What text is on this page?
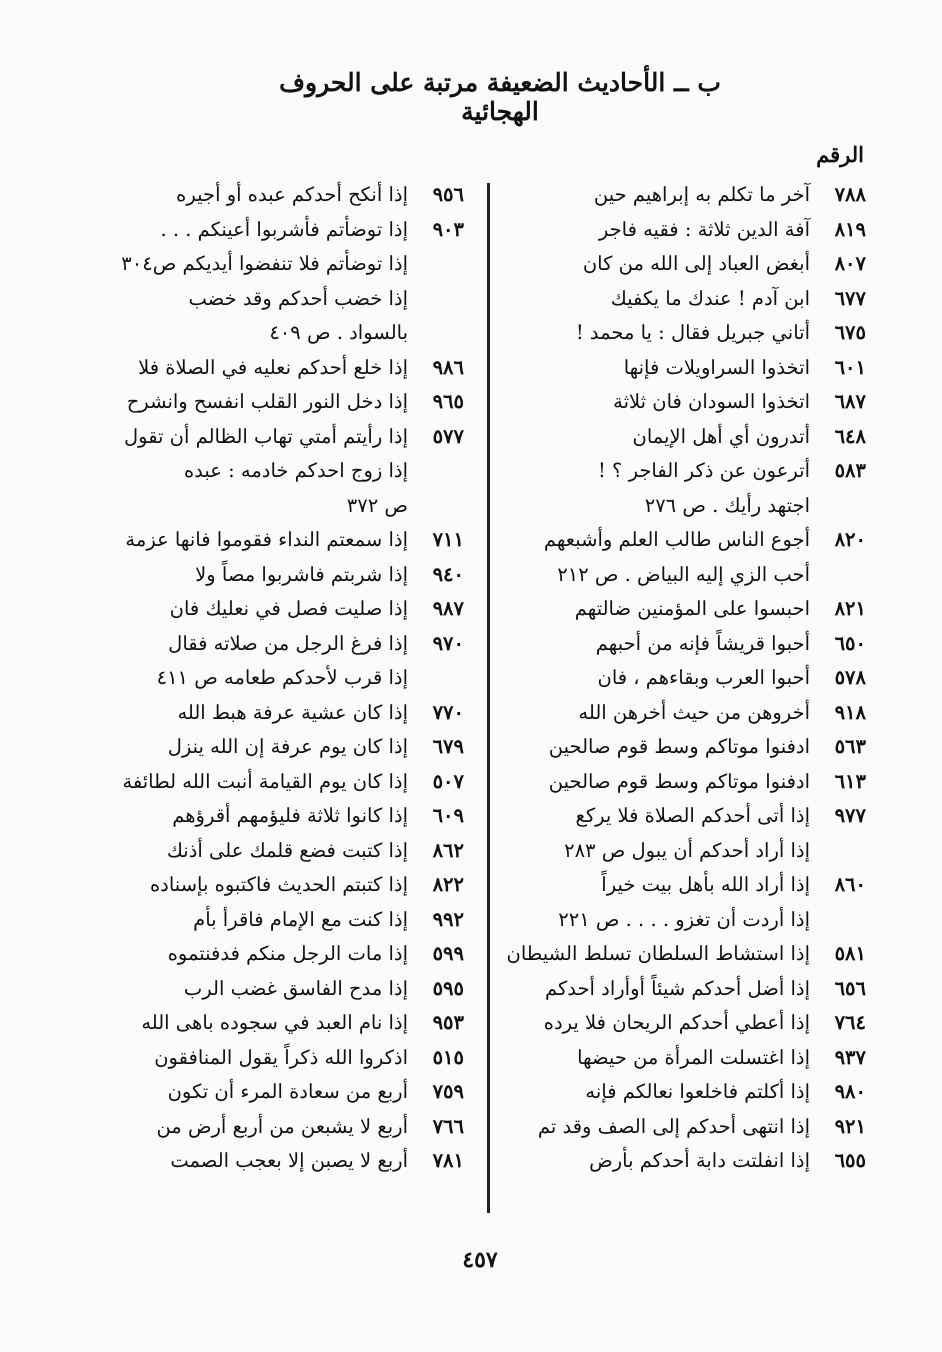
ب ــ الأحاديث الضعيفة مرتبة على الحروف الهجائية
الرقم
٧٨٨
آخر ما تكلم به إبراهيم حين
٨١٩
آفة الدين ثلاثة : فقيه فاجر
٨٠٧
أبغض العباد إلى الله من كان
٦٧٧
ابن آدم ! عندك ما يكفيك
٦٧٥
أتاني جبريل فقال : يا محمد !
٦٠١
اتخذوا السراويلات فإنها
٦٨٧
اتخذوا السودان فان ثلاثة
٦٤٨
أتدرون أي أهل الإيمان
٥٨٣
أترعون عن ذكر الفاجر ؟ !
اجتهد رأيك . ص ٢٧٦
٨٢٠
أجوع الناس طالب العلم وأشبعهم
أحب الزي إليه البياض . ص ٢١٢
٨٢١
احبسوا على المؤمنين ضالتهم
٦٥٠
أحبوا قريشاً فإنه من أحبهم
٥٧٨
أحبوا العرب وبقاءهم ، فان
٩١٨
أخروهن من حيث أخرهن الله
٥٦٣
ادفنوا موتاكم وسط قوم صالحين
٦١٣
ادفنوا موتاكم وسط قوم صالحين
٩٧٧
إذا أتى أحدكم الصلاة فلا يركع
إذا أراد أحدكم أن يبول ص ٢٨٣
٨٦٠
إذا أراد الله بأهل بيت خيراً
إذا أردت أن تغزو . . . . ص ٢٢١
٥٨١
إذا استشاط السلطان تسلط الشيطان
٦٥٦
إذا أضل أحدكم شيئاً أوأراد أحدكم
٧٦٤
إذا أعطي أحدكم الريحان فلا يرده
٩٣٧
إذا اغتسلت المرأة من حيضها
٩٨٠
إذا أكلتم فاخلعوا نعالكم فإنه
٩٢١
إذا انتهى أحدكم إلى الصف وقد تم
٦٥٥
إذا انفلتت دابة أحدكم بأرض
٩٥٦
إذا أنكح أحدكم عبده أو أجيره
٩٠٣
إذا توضأتم فأشربوا أعينكم . . .
إذا توضأتم فلا تنفضوا أيديكم ص٣٠٤
إذا خضب أحدكم وقد خضب
بالسواد . ص ٤٠٩
٩٨٦
إذا خلع أحدكم نعليه في الصلاة فلا
٩٦٥
إذا دخل النور القلب انفسح وانشرح
٥٧٧
إذا رأيتم أمتي تهاب الظالم أن تقول
إذا زوج احدكم خادمه : عبده
ص ٣٧٢
٧١١
إذا سمعتم النداء فقوموا فانها عزمة
٩٤٠
إذا شربتم فاشربوا مصاً ولا
٩٨٧
إذا صليت فصل في نعليك فان
٩٧٠
إذا فرغ الرجل من صلاته فقال
إذا قرب لأحدكم طعامه ص ٤١١
٧٧٠
إذا كان عشية عرفة هبط الله
٦٧٩
إذا كان يوم عرفة إن الله ينزل
٥٠٧
إذا كان يوم القيامة أنبت الله لطائفة
٦٠٩
إذا كانوا ثلاثة فليؤمهم أقرؤهم
٨٦٢
إذا كتبت فضع قلمك على أذنك
٨٢٢
إذا كتبتم الحديث فاكتبوه بإسناده
٩٩٢
إذا كنت مع الإمام فاقرأ بأم
٥٩٩
إذا مات الرجل منكم فدفنتموه
٥٩٥
إذا مدح الفاسق غضب الرب
٩٥٣
إذا نام العبد في سجوده باهى الله
٥١٥
اذكروا الله ذكراً يقول المنافقون
٧٥٩
أربع من سعادة المرء أن تكون
٧٦٦
أربع لا يشبعن من أربع أرض من
٧٨١
أربع لا يصبن إلا بعجب الصمت
٤٥٧
